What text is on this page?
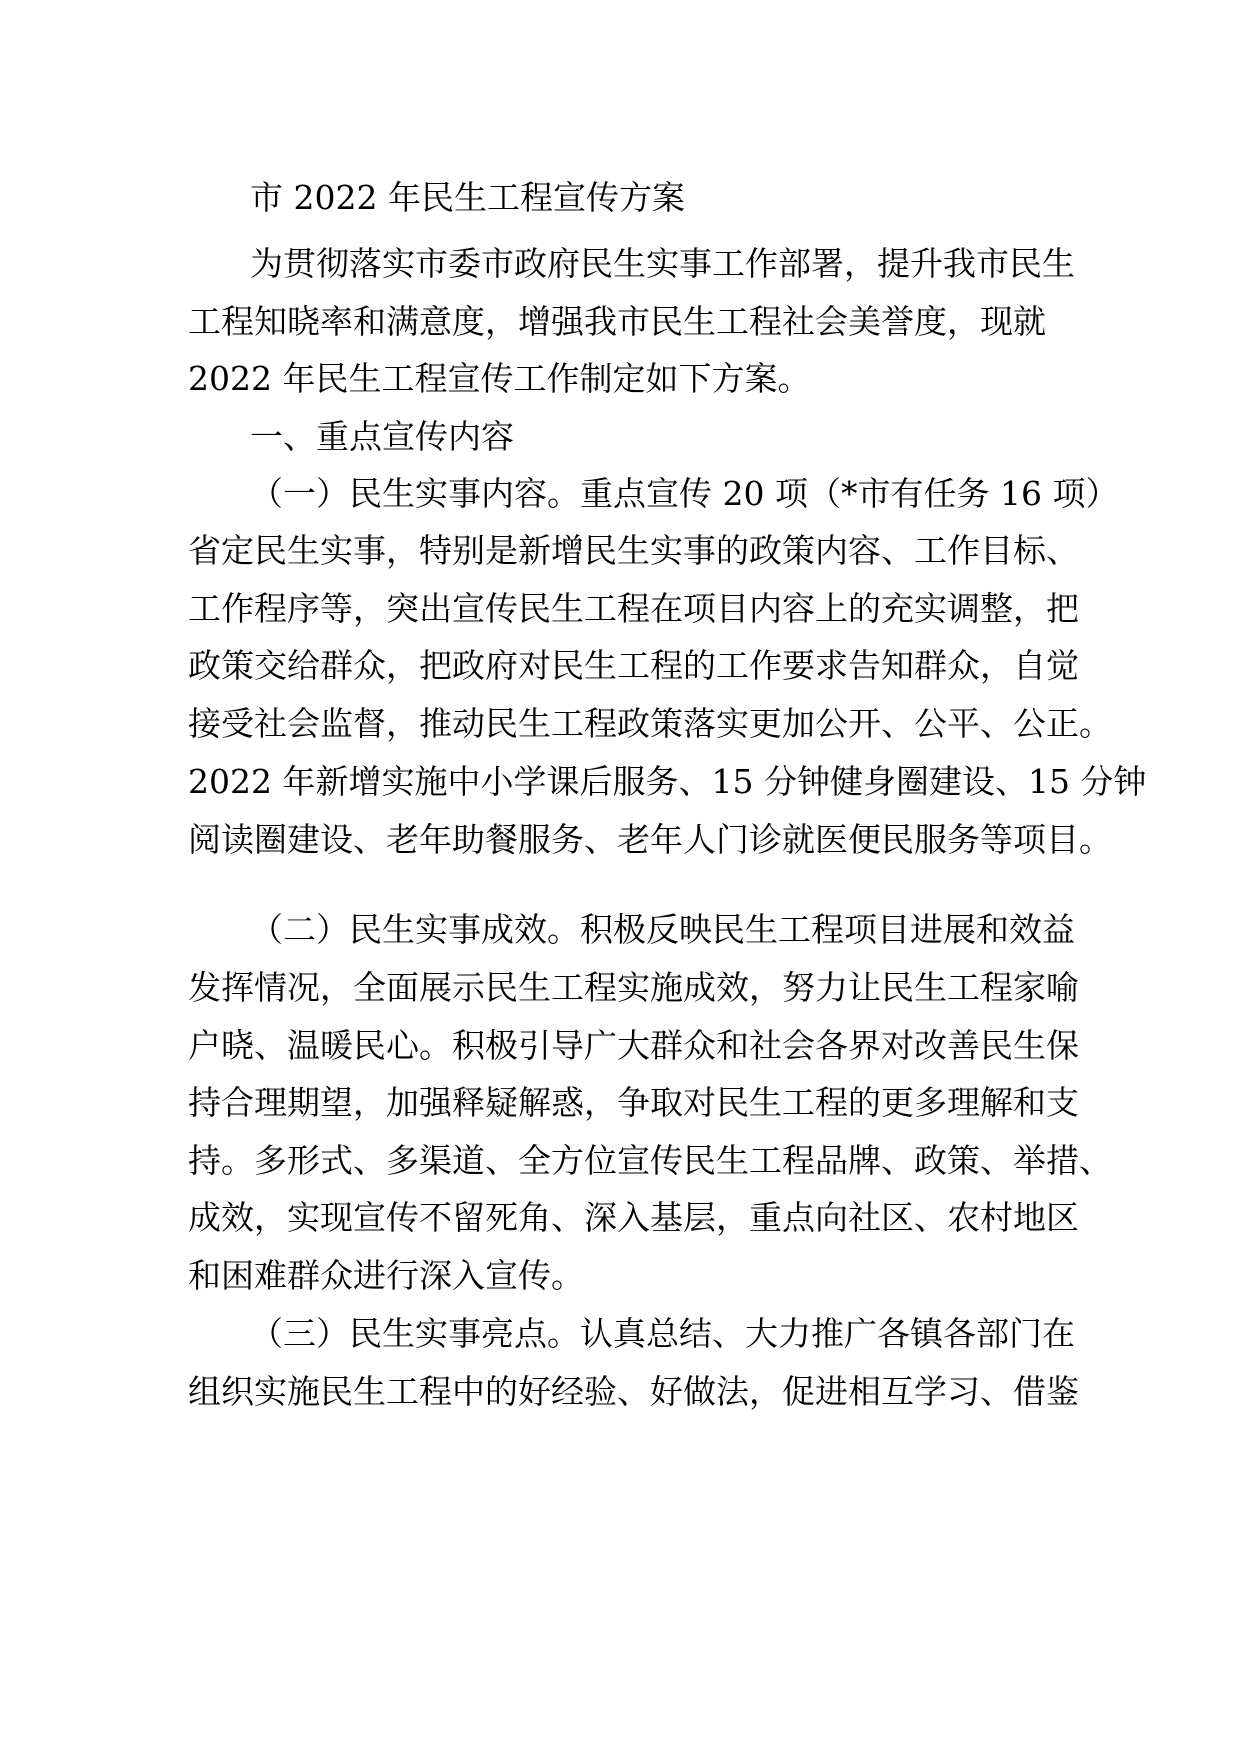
市 2022 年民生工程宣传方案
为贯彻落实市委市政府民生实事工作部署，提升我市民生
工程知晓率和满意度，增强我市民生工程社会美誉度，现就
2022 年民生工程宣传工作制定如下方案。
一、重点宣传内容
（一）民生实事内容。重点宣传 20 项（*市有任务 16 项）
省定民生实事，特别是新增民生实事的政策内容、工作目标、
工作程序等，突出宣传民生工程在项目内容上的充实调整，把
政策交给群众，把政府对民生工程的工作要求告知群众，自觉
接受社会监督，推动民生工程政策落实更加公开、公平、公正。
2022 年新增实施中小学课后服务、15 分钟健身圈建设、15 分钟
阅读圈建设、老年助餐服务、老年人门诊就医便民服务等项目。
（二）民生实事成效。积极反映民生工程项目进展和效益
发挥情况，全面展示民生工程实施成效，努力让民生工程家喻
户晓、温暖民心。积极引导广大群众和社会各界对改善民生保
持合理期望，加强释疑解惑，争取对民生工程的更多理解和支
持。多形式、多渠道、全方位宣传民生工程品牌、政策、举措、
成效，实现宣传不留死角、深入基层，重点向社区、农村地区
和困难群众进行深入宣传。
（三）民生实事亮点。认真总结、大力推广各镇各部门在
组织实施民生工程中的好经验、好做法，促进相互学习、借鉴
